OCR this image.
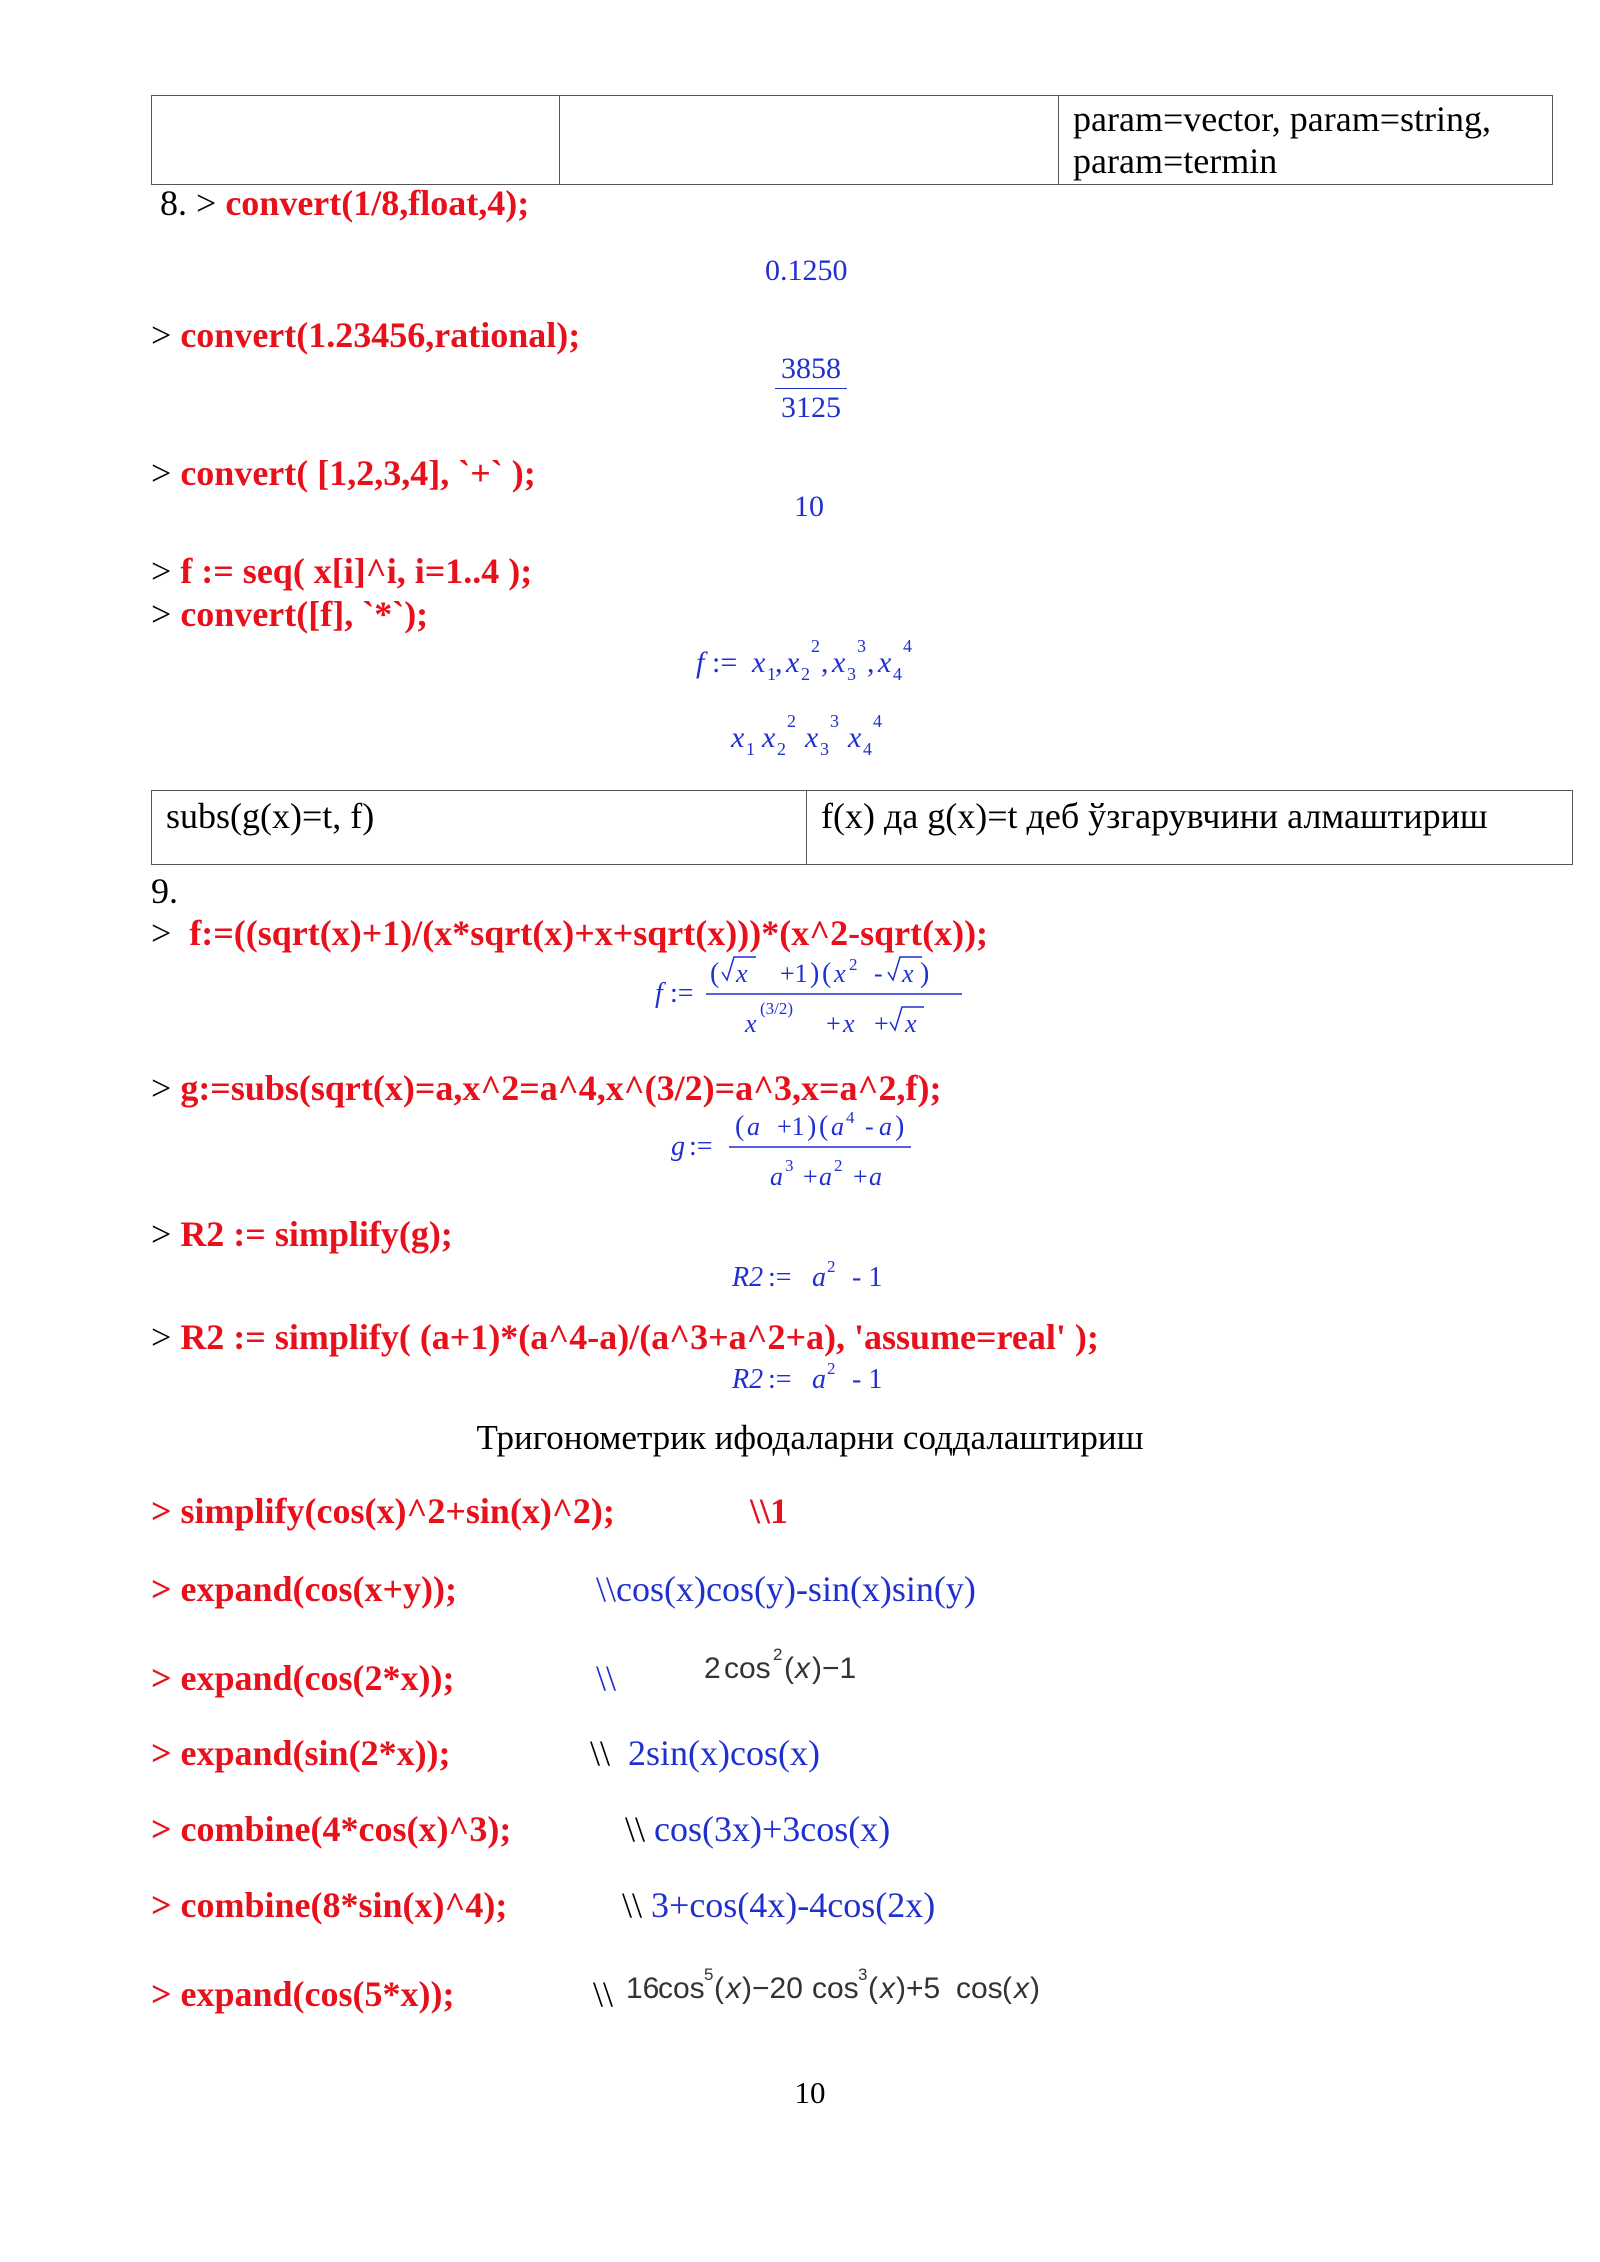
		param=vector, param=string, param=termin
8. > convert(1/8,float,4);
0.1250
> convert(1.23456,rational);
$\frac{3858}{3125}$
> convert( [1,2,3,4], `+` );
10
> f := seq( x[i]^i, i=1..4 );
> convert([f], `*`);
f := x 1 , x 2
2 , x 3
3 , x 4
4
x 1 x 2
2 x 3
3 x 4
4
subs(g(x)=t, f)	f(x) да g(x)=t деб ўзгарувчини алмаштириш
9.
> f:=((sqrt(x)+1)/(x*sqrt(x)+x+sqrt(x)))*(x^2-sqrt(x));
f :=
( x +1 ) ( x 2 - x )
x
(3/2)
+ x + x
> g:=subs(sqrt(x)=a,x^2=a^4,x^(3/2)=a^3,x=a^2,f);
g :=
( a +1 ) ( a 4 - a )
a 3 + a 2 + a
> R2 := simplify(g);
R2 := a 2 - 1
> R2 := simplify( (a+1)*(a^4-a)/(a^3+a^2+a), 'assume=real' );
R2 := a 2 - 1
Тригонометрик ифодаларни соддалаштириш
> simplify(cos(x)^2+sin(x)^2);	\\1
> expand(cos(x+y));	\\cos(x)cos(y)-sin(x)sin(y)
> expand(cos(2*x));	\\	2 cos 2 ( x )−1
> expand(sin(2*x));	\\ 2sin(x)cos(x)
> combine(4*cos(x)^3);	\\ cos(3x)+3cos(x)
> combine(8*sin(x)^4);	\\ 3+cos(4x)-4cos(2x)
> expand(cos(5*x));	\\ 16
cos 5 ( x )−20 cos 3 ( x )+5 cos ( x )
10
